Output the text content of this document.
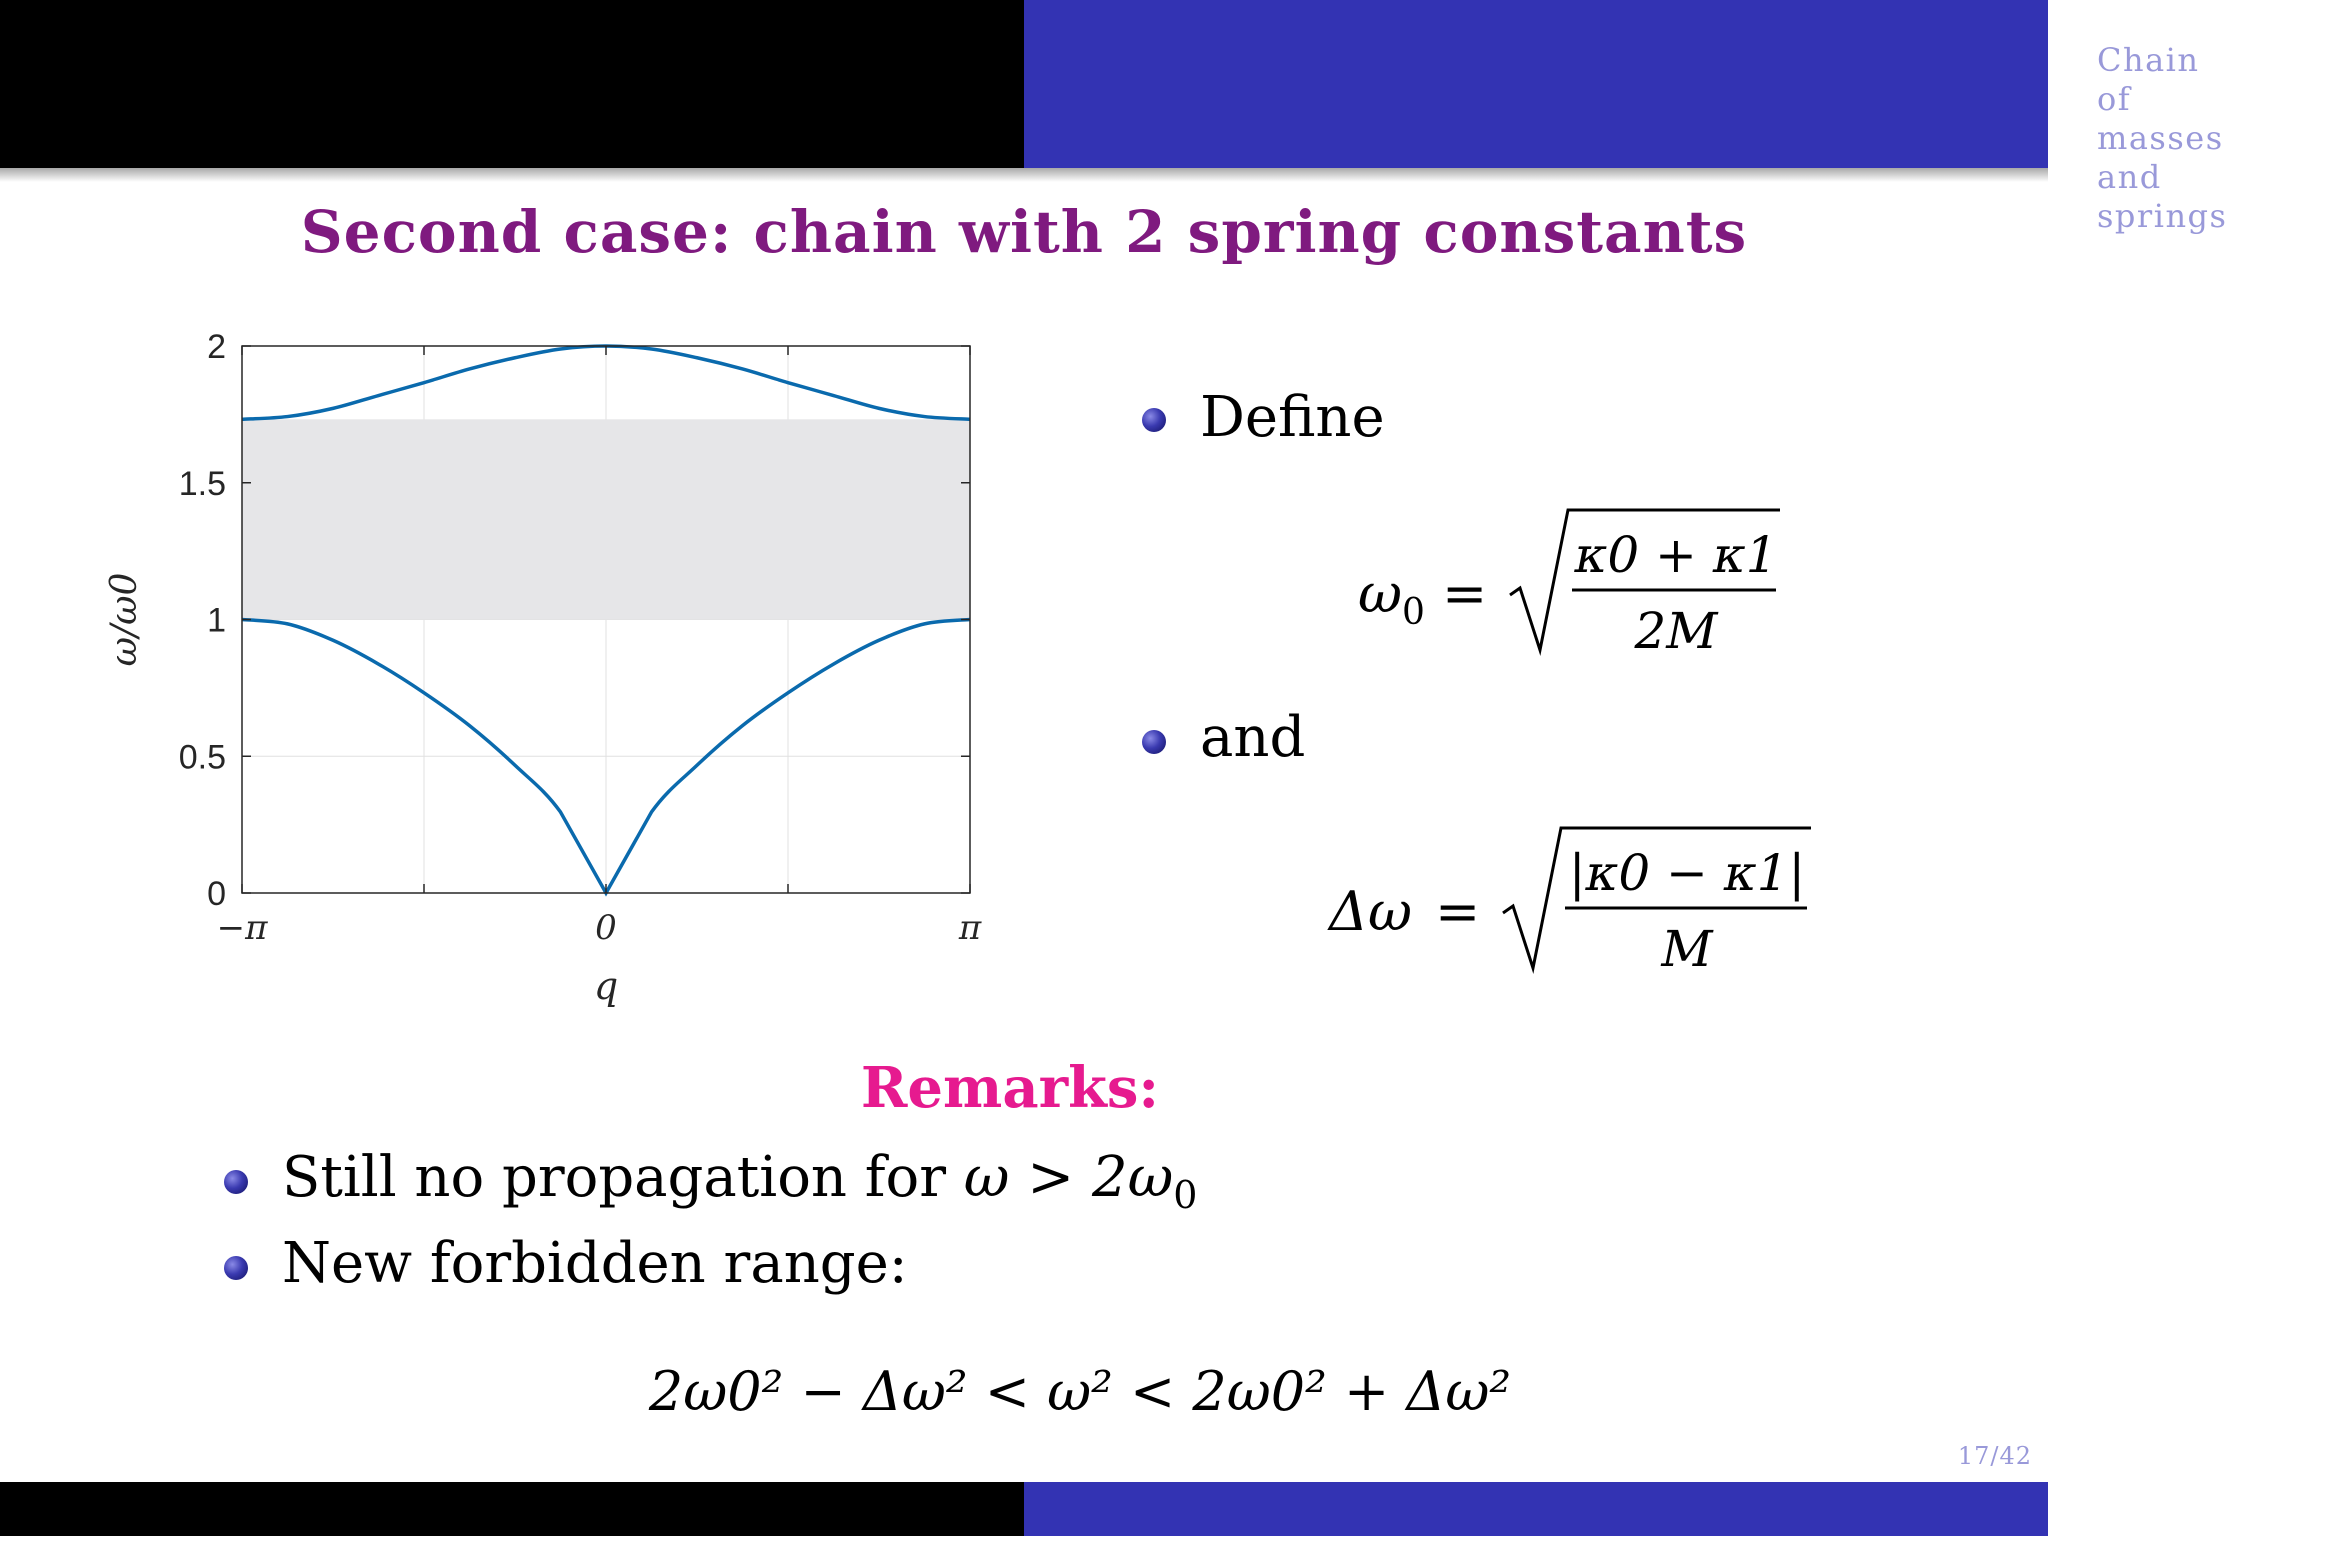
Chain of masses and springs
Double chain of masses and springs
Second case: chain with 2 spring constants
0
0.5
1
1.5
2
−π	0	π
q
ω/ω0
Define
$\omega_0$ =
κ0 + κ1
2M
and
Δω =
|κ0 − κ1|
M
Remarks:
Still no propagation for $\omega > 2\omega_0$
New forbidden range:
2ω0² − Δω² < ω² < 2ω0² + Δω²
17/42
Lectures in metamaterials
